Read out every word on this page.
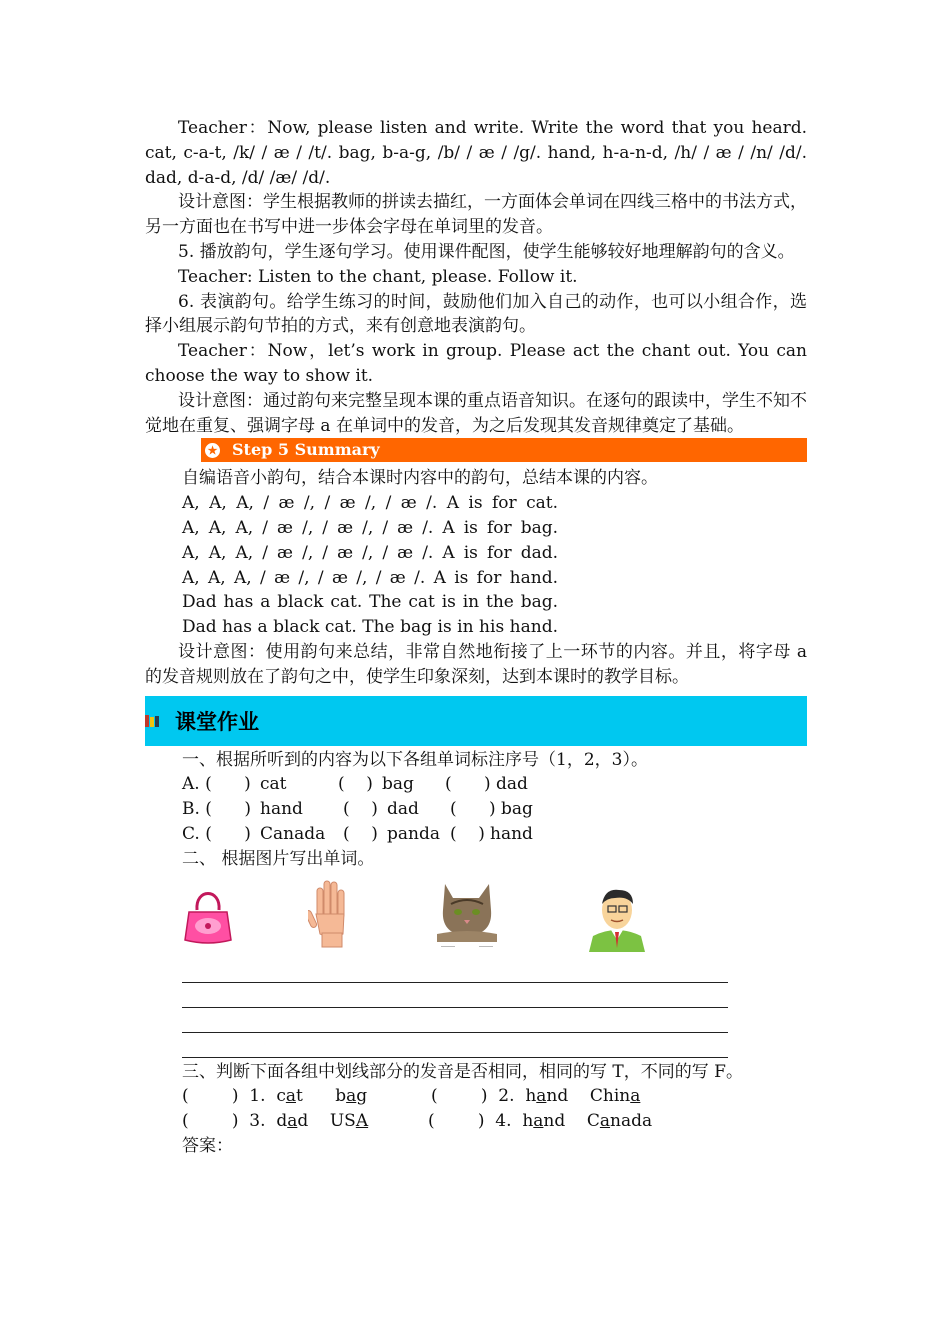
Teacher：Now, please listen and write. Write the word that you heard. cat, c-a-t, /k/ / æ / /t/. bag, b-a-g, /b/ / æ / /g/. hand, h-a-n-d, /h/ / æ / /n/ /d/. dad, d-a-d, /d/ /æ/ /d/.

设计意图：学生根据教师的拼读去描红，一方面体会单词在四线三格中的书法方式，另一方面也在书写中进一步体会字母在单词里的发音。

5. 播放韵句，学生逐句学习。使用课件配图，使学生能够较好地理解韵句的含义。

Teacher: Listen to the chant, please. Follow it.

6. 表演韵句。给学生练习的时间，鼓励他们加入自己的动作，也可以小组合作，选择小组展示韵句节拍的方式，来有创意地表演韵句。

Teacher：Now，let’s work in group. Please act the chant out. You can choose the way to show it.

设计意图：通过韵句来完整呈现本课的重点语音知识。在逐句的跟读中，学生不知不觉地在重复、强调字母 a 在单词中的发音，为之后发现其发音规律奠定了基础。

★ Step 5 Summary

自编语音小韵句，结合本课时内容中的韵句，总结本课的内容。

A, A, A, / æ /, / æ /, / æ /. A is for cat.

A, A, A, / æ /, / æ /, / æ /. A is for bag.

A, A, A, / æ /, / æ /, / æ /. A is for dad.

A, A, A, / æ /, / æ /, / æ /. A is for hand.

Dad has a black cat. The cat is in the bag.

Dad has a black cat. The bag is in his hand.

设计意图：使用韵句来总结，非常自然地衔接了上一环节的内容。并且，将字母 a 的发音规则放在了韵句之中，使学生印象深刻，达到本课时的教学目标。

课堂作业

一、根据所听到的内容为以下各组单词标注序号（1，2，3）。

A. (      ) cat	(    ) bag	(      ) dad
B. (      ) hand	(    ) dad	(      ) bag
C. (      ) Canada	(    ) panda (    ) hand

二、 根据图片写出单词。

三、判断下面各组中划线部分的发音是否相同，相同的写 T，不同的写 F。

(        )  1.  cat      bag	(        )  2.  hand    China
(        )  3.  dad    USA	(        )  4.  hand    Canada

答案：
